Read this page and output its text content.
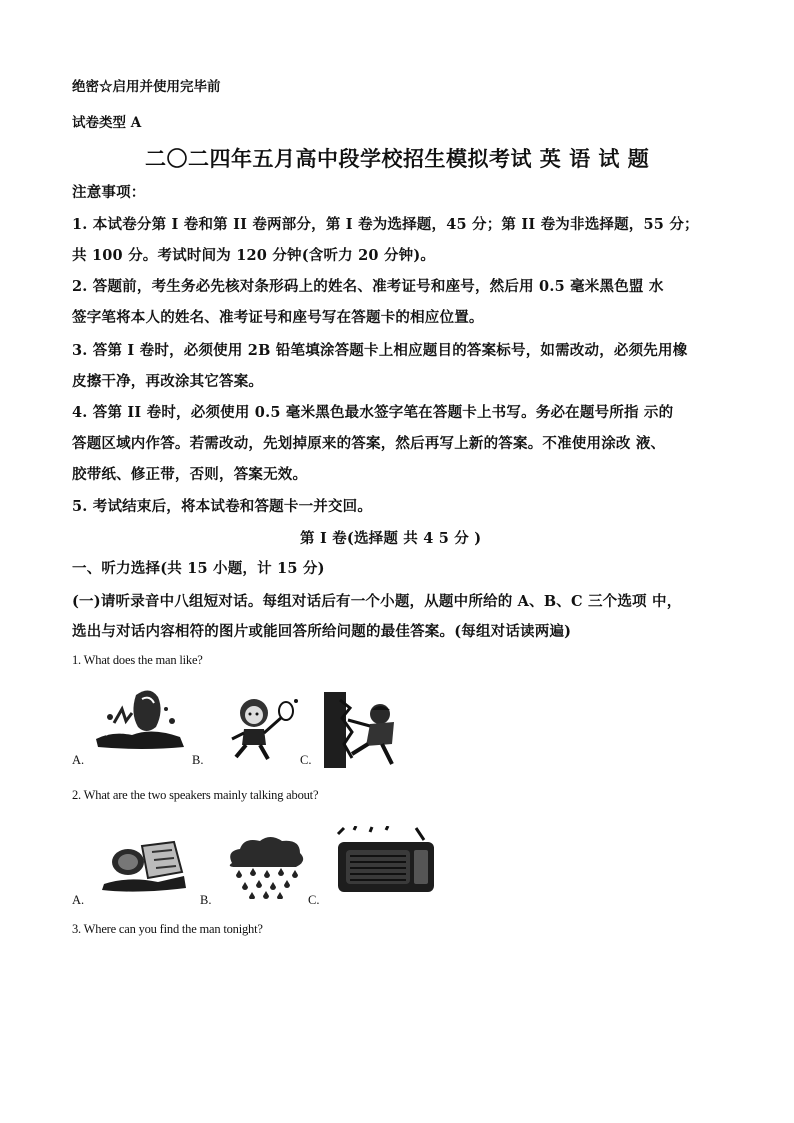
绝密☆启用并使用完毕前
试卷类型 A
二〇二四年五月高中段学校招生模拟考试 英 语 试 题
注意事项：
1. 本试卷分第 I 卷和第 II 卷两部分，第 I 卷为选择题，45 分；第 II 卷为非选择题，55 分；
共 100 分。考试时间为 120 分钟(含听力 20 分钟)。
2. 答题前，考生务必先核对条形码上的姓名、准考证号和座号，然后用 0.5 毫米黑色盟 水
签字笔将本人的姓名、准考证号和座号写在答题卡的相应位置。
3. 答第 I 卷时，必须使用 2B 铅笔填涂答题卡上相应题目的答案标号，如需改动，必须先用橡
皮擦干净，再改涂其它答案。
4. 答第 II 卷时，必须使用 0.5 毫米黑色最水签字笔在答题卡上书写。务必在题号所指 示的
答题区域内作答。若需改动，先划掉原来的答案，然后再写上新的答案。不准使用涂改 液、
胶带纸、修正带，否则，答案无效。
5. 考试结束后，将本试卷和答题卡一并交回。
第 I 卷(选择题 共 4 5 分 )
一、听力选择(共 15 小题，计 15 分)
(一)请听录音中八组短对话。每组对话后有一个小题，从题中所给的 A、B、C 三个选项 中，
选出与对话内容相符的图片或能回答所给问题的最佳答案。(每组对话读两遍)
1. What does the man like?
A.	B.	C.
2. What are the two speakers mainly talking about?
A.	B.	C.
3. Where can you find the man tonight?
